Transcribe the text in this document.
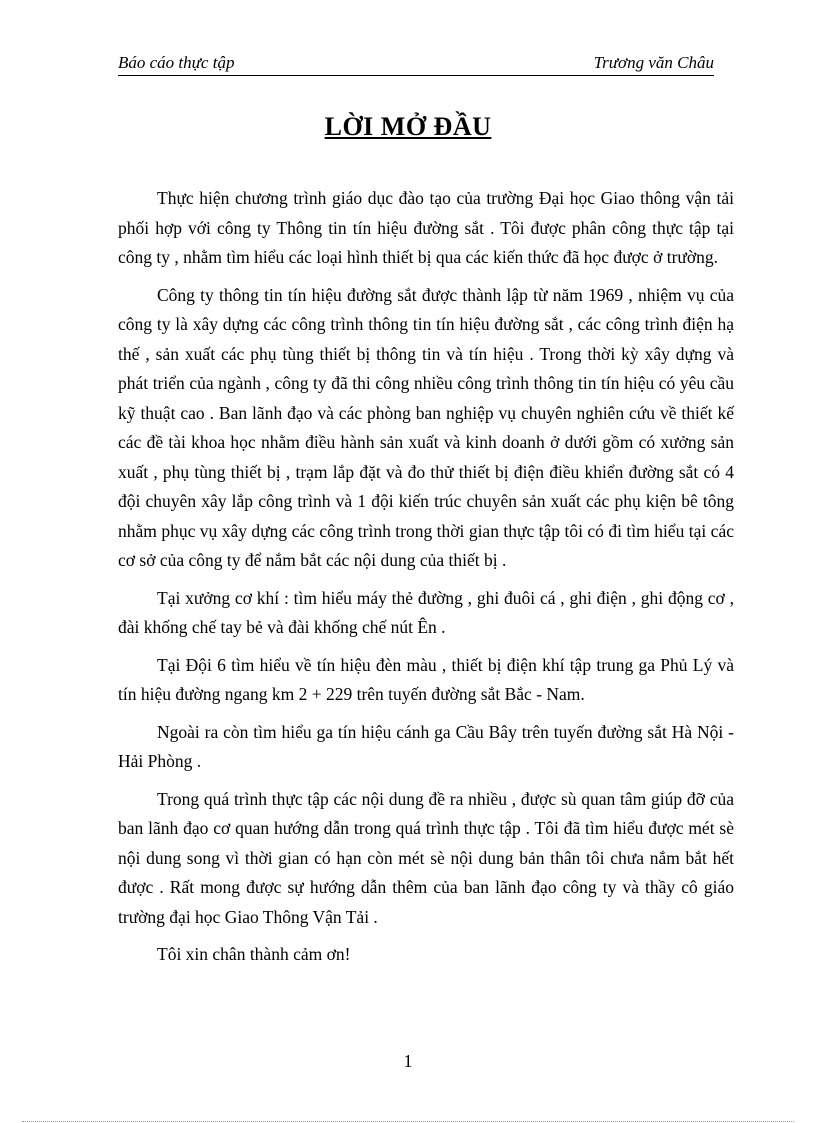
Báo cáo thực tập	Trương văn Châu
LỜI MỞ ĐẦU

Thực hiện chương trình giáo dục đào tạo của trường Đại học Giao thông vận tải phối hợp với công ty Thông tin tín hiệu đường sắt . Tôi được phân công thực tập tại công ty , nhằm tìm hiểu các loại hình thiết bị qua các kiến thức đã học được ở trường.

Công ty thông tin tín hiệu đường sắt được thành lập từ năm 1969 , nhiệm vụ của công ty là xây dựng các công trình thông tin tín hiệu đường sắt , các công trình điện hạ thế , sản xuất các phụ tùng thiết bị thông tin và tín hiệu . Trong thời kỳ xây dựng và phát triển của ngành , công ty đã thi công nhiều công trình thông tin tín hiệu có yêu cầu kỹ thuật cao . Ban lãnh đạo và các phòng ban nghiệp vụ chuyên nghiên cứu về thiết kế các đề tài khoa học nhằm điều hành sản xuất và kinh doanh ở dưới gồm có xưởng sản xuất , phụ tùng thiết bị , trạm lắp đặt và đo thử thiết bị điện điều khiển đường sắt có 4 đội chuyên xây lắp công trình và 1 đội kiến trúc chuyên sản xuất các phụ kiện bê tông nhằm phục vụ xây dựng các công trình trong thời gian thực tập tôi có đi tìm hiểu tại các cơ sở của công ty để nắm bắt các nội dung của thiết bị .

Tại xưởng cơ khí : tìm hiểu máy thẻ đường , ghi đuôi cá , ghi điện , ghi động cơ , đài khống chế tay bẻ và đài khống chế nút Ên .

Tại Đội 6 tìm hiểu về tín hiệu đèn màu , thiết bị điện khí tập trung ga Phủ Lý và tín hiệu đường ngang km 2 + 229 trên tuyến đường sắt Bắc - Nam.

Ngoài ra còn tìm hiểu ga tín hiệu cánh ga Cầu Bây trên tuyến đường sắt Hà Nội - Hải Phòng .

Trong quá trình thực tập các nội dung đề ra nhiều , được sù quan tâm giúp đỡ của ban lãnh đạo cơ quan hướng dẫn trong quá trình thực tập . Tôi đã tìm hiểu được mét sè nội dung song vì thời gian có hạn còn mét sè nội dung bản thân tôi chưa nắm bắt hết được . Rất mong được sự hướng dẫn thêm của ban lãnh đạo công ty và thầy cô giáo trường đại học Giao Thông Vận Tải .

Tôi xin chân thành cảm ơn!

1
